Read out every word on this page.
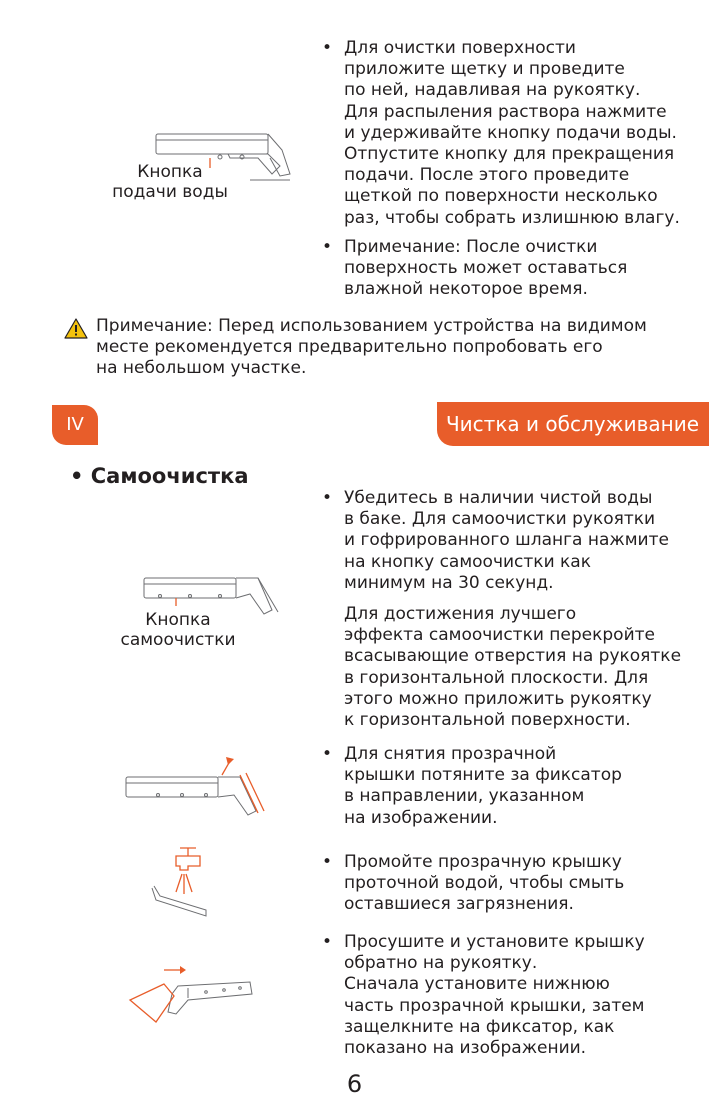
Кнопка
подачи воды
• Для очистки поверхности
приложите щетку и проведите
по ней, надавливая на рукоятку.
Для распыления раствора нажмите
и удерживайте кнопку подачи воды.
Отпустите кнопку для прекращения
подачи. После этого проведите
щеткой по поверхности несколько
раз, чтобы собрать излишнюю влагу.
• Примечание: После очистки
поверхность может оставаться
влажной некоторое время.
Примечание: Перед использованием устройства на видимом
месте рекомендуется предварительно попробовать его
на небольшом участке.
IV	Чистка и обслуживание
• Самоочистка
Кнопка
самоочистки
• Убедитесь в наличии чистой воды
в баке. Для самоочистки рукоятки
и гофрированного шланга нажмите
на кнопку самоочистки как
минимум на 30 секунд.
Для достижения лучшего
эффекта самоочистки перекройте
всасывающие отверстия на рукоятке
в горизонтальной плоскости. Для
этого можно приложить рукоятку
к горизонтальной поверхности.
• Для снятия прозрачной
крышки потяните за фиксатор
в направлении, указанном
на изображении.
• Промойте прозрачную крышку
проточной водой, чтобы смыть
оставшиеся загрязнения.
• Просушите и установите крышку
обратно на рукоятку.
Сначала установите нижнюю
часть прозрачной крышки, затем
защелкните на фиксатор, как
показано на изображении.
6
